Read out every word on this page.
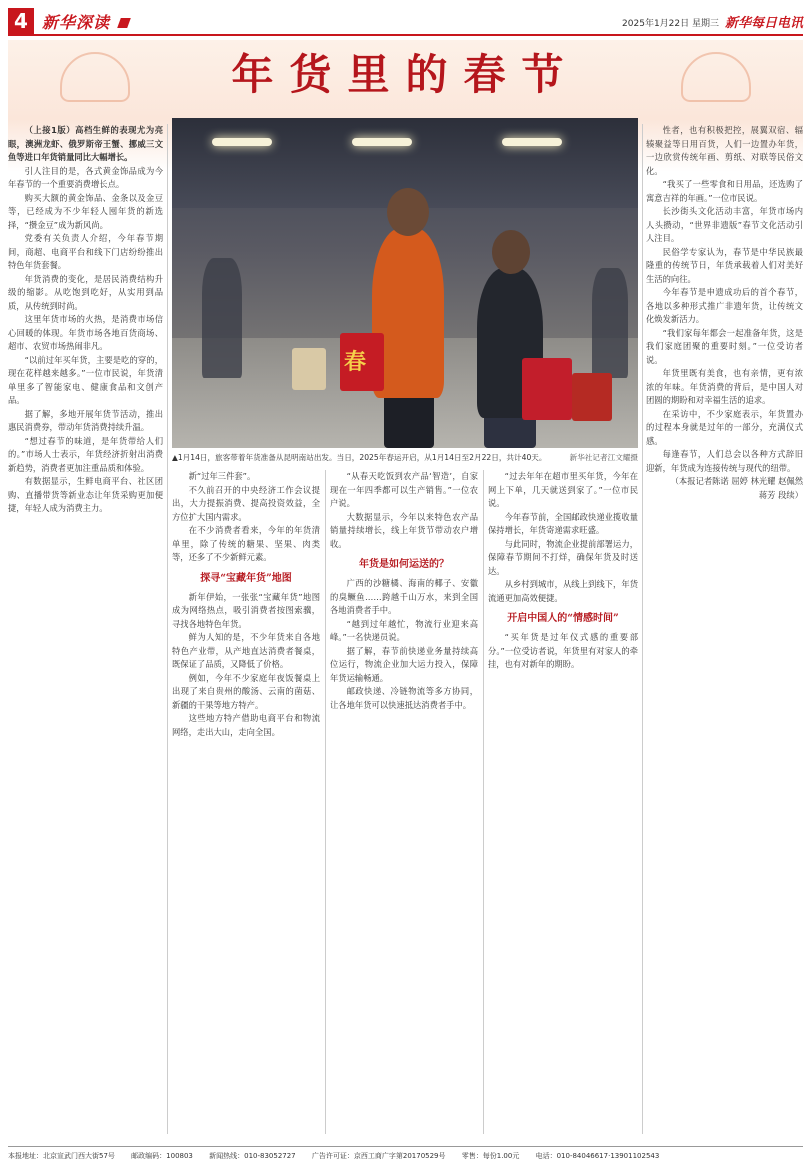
4 新华深读	2025年1月22日 星期三 新华每日电讯
年货里的春节

（上接1版）高档生鲜的表现尤为亮眼，澳洲龙虾、俄罗斯帝王蟹、挪威三文鱼等进口年货销量同比大幅增长。

引人注目的是，各式黄金饰品成为今年春节的一个重要消费增长点。

购买大额的黄金饰品、金条以及金豆等，已经成为不少年轻人囤年货的新选择，“攒金豆”成为新风尚。

党委有关负责人介绍，今年春节期间，商超、电商平台和线下门店纷纷推出特色年货套餐。

年货消费的变化，是居民消费结构升级的缩影。从吃饱到吃好，从实用到品质，从传统到时尚。

这里年货市场的火热，是消费市场信心回暖的体现。年货市场各地百货商场、超市、农贸市场热闹非凡。

“以前过年买年货，主要是吃的穿的，现在花样越来越多。”一位市民说，年货清单里多了智能家电、健康食品和文创产品。

据了解，多地开展年货节活动，推出惠民消费券，带动年货消费持续升温。

“想过春节的味道，是年货带给人们的。”市场人士表示，年货经济折射出消费新趋势，消费者更加注重品质和体验。

有数据显示，生鲜电商平台、社区团购、直播带货等新业态让年货采购更加便捷，年轻人成为消费主力。

春
▲1月14日，旅客带着年货准备从昆明南站出发。当日，2025年春运开启，从1月14日至2月22日，共计40天。	新华社记者江文耀摄

新“过年三件套”。

不久前召开的中央经济工作会议提出，大力提振消费、提高投资效益，全方位扩大国内需求。

在不少消费者看来，今年的年货清单里，除了传统的糖果、坚果、肉类等，还多了不少新鲜元素。

探寻“宝藏年货”地图

新年伊始，一张张“宝藏年货”地图成为网络热点，吸引消费者按图索骥，寻找各地特色年货。

鲜为人知的是，不少年货来自各地特色产业带，从产地直达消费者餐桌，既保证了品质，又降低了价格。

例如，今年不少家庭年夜饭餐桌上出现了来自贵州的酸汤、云南的菌菇、新疆的干果等地方特产。

这些地方特产借助电商平台和物流网络，走出大山，走向全国。

“从春天吃饭到农产品‘智造’，自家现在一年四季都可以生产销售。”一位农户说。

大数据显示，今年以来特色农产品销量持续增长，线上年货节带动农户增收。

年货是如何运送的？

广西的沙糖橘、海南的椰子、安徽的臭鳜鱼……跨越千山万水，来到全国各地消费者手中。

“越到过年越忙，物流行业迎来高峰。”一名快递员说。

据了解，春节前快递业务量持续高位运行，物流企业加大运力投入，保障年货运输畅通。

邮政快递、冷链物流等多方协同，让各地年货可以快速抵达消费者手中。

“过去年年在超市里买年货，今年在网上下单，几天就送到家了。”一位市民说。

今年春节前，全国邮政快递业揽收量保持增长，年货寄递需求旺盛。

与此同时，物流企业提前部署运力，保障春节期间不打烊，确保年货及时送达。

从乡村到城市，从线上到线下，年货流通更加高效便捷。

开启中国人的“情感时间”

“买年货是过年仪式感的重要部分。”一位受访者说，年货里有对家人的牵挂，也有对新年的期盼。

性者，也有积极把控，展翼双宿、辐辏聚益等日用百货，人们一边置办年货，一边欣赏传统年画、剪纸、对联等民俗文化。

“我买了一些零食和日用品，还选购了寓意吉祥的年画。”一位市民说。

长沙街头文化活动丰富，年货市场内人头攒动，“世界非遗版”春节文化活动引人注目。

民俗学专家认为，春节是中华民族最隆重的传统节日，年货承载着人们对美好生活的向往。

今年春节是申遗成功后的首个春节，各地以多种形式推广非遗年货，让传统文化焕发新活力。

“我们家每年都会一起准备年货，这是我们家庭团聚的重要时刻。”一位受访者说。

年货里既有美食，也有亲情，更有浓浓的年味。年货消费的背后，是中国人对团圆的期盼和对幸福生活的追求。

在采访中，不少家庭表示，年货置办的过程本身就是过年的一部分，充满仪式感。

每逢春节，人们总会以各种方式辞旧迎新，年货成为连接传统与现代的纽带。

（本报记者陈诺 屈婷 林光耀 赵佩然 蒋芳 段续）

本报地址：北京宣武门西大街57号 邮政编码：100803 新闻热线：010-83052727 广告许可证：京西工商广字第20170529号 零售：每份1.00元 电话：010-84046617·13901102543
